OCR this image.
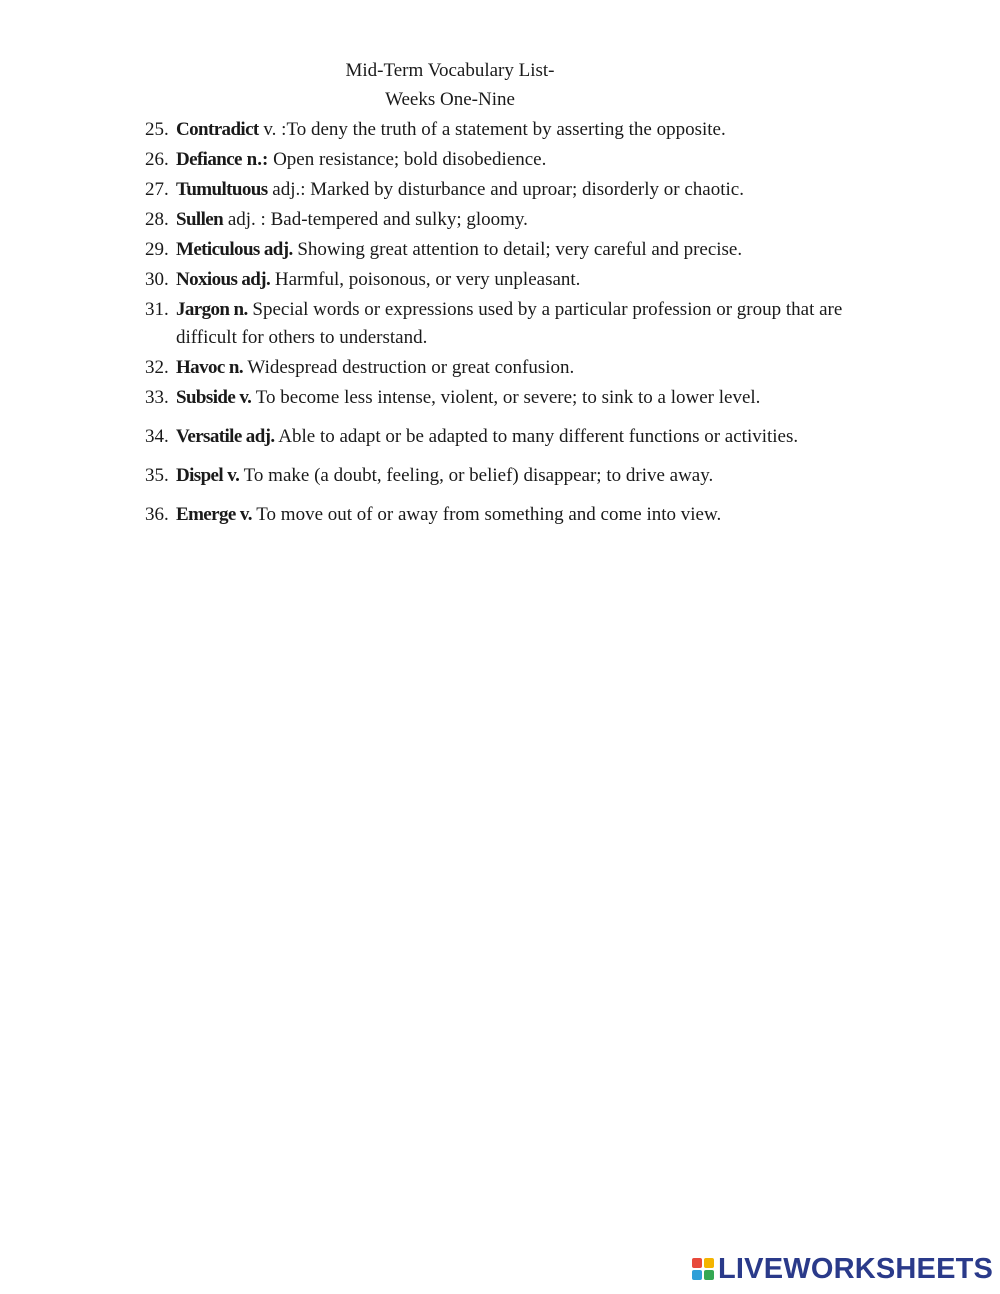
Mid-Term Vocabulary List-
Weeks One-Nine
25. Contradict v. :To deny the truth of a statement by asserting the opposite.
26. Defiance n.: Open resistance; bold disobedience.
27. Tumultuous adj.: Marked by disturbance and uproar; disorderly or chaotic.
28. Sullen adj. : Bad-tempered and sulky; gloomy.
29. Meticulous adj. Showing great attention to detail; very careful and precise.
30. Noxious adj. Harmful, poisonous, or very unpleasant.
31. Jargon n. Special words or expressions used by a particular profession or group that are difficult for others to understand.
32. Havoc n. Widespread destruction or great confusion.
33. Subside v. To become less intense, violent, or severe; to sink to a lower level.
34. Versatile adj. Able to adapt or be adapted to many different functions or activities.
35. Dispel v. To make (a doubt, feeling, or belief) disappear; to drive away.
36. Emerge v. To move out of or away from something and come into view.
LIVEWORKSHEETS
